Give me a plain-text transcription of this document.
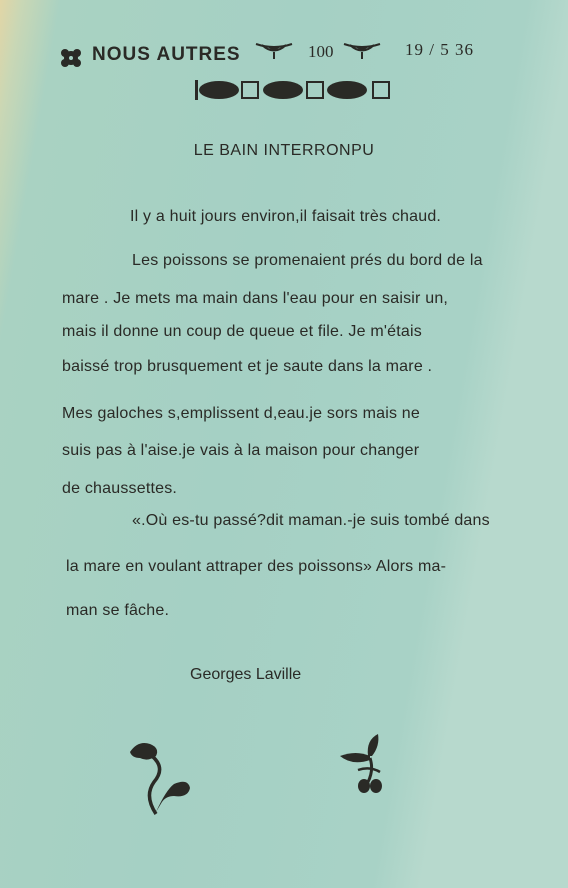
NOUS AUTRES	100	19 / 5 36
LE BAIN INTERRONPU
Il y a huit jours environ,il faisait très chaud.
Les poissons se promenaient prés du bord de la
mare . Je mets ma main dans l'eau pour en saisir un,
mais il donne un coup de queue et file. Je m'étais
baissé trop brusquement et je saute dans la mare .
Mes galoches s,emplissent d,eau.je sors mais ne
suis pas à l'aise.je vais à la maison pour changer
de chaussettes.
«.Où es-tu passé?dit maman.-je suis tombé dans
la mare en voulant attraper des poissons» Alors ma-
man se fâche.
Georges Laville
